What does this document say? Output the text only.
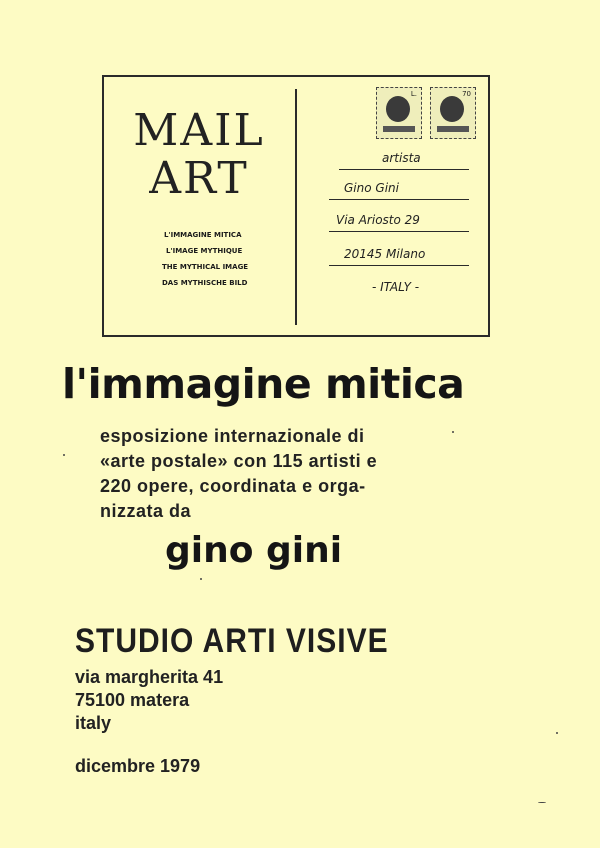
MAIL
ART
L'IMMAGINE MITICA
L'IMAGE MYTHIQUE
THE MYTHICAL IMAGE
DAS MYTHISCHE BILD
L.	70
artista
Gino Gini
Via Ariosto 29
20145 Milano
- ITALY -
l'immagine mitica
esposizione internazionale di
«arte postale» con 115 artisti e
220 opere, coordinata e orga-
nizzata da
gino gini
STUDIO ARTI VISIVE
via margherita 41
75100 matera
italy
dicembre 1979
